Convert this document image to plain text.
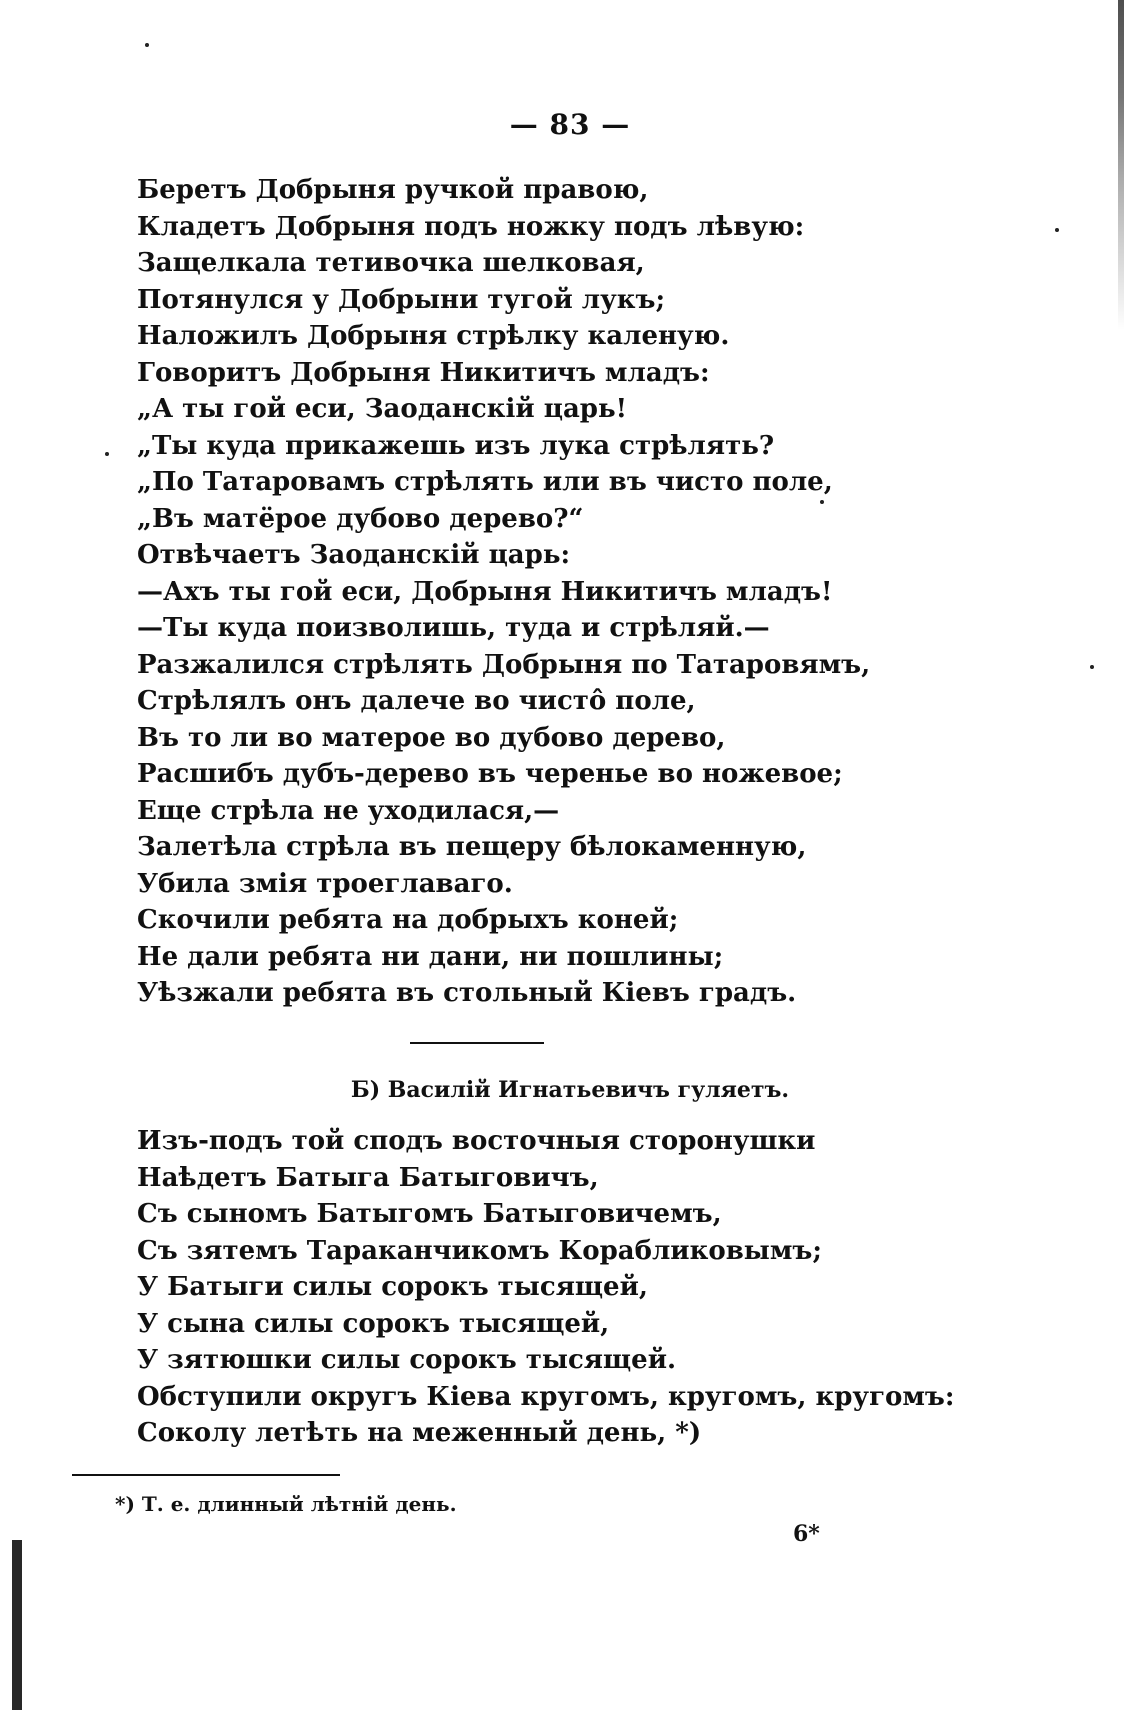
— 83 —
Беретъ Добрыня ручкой правою,
Кладетъ Добрыня подъ ножку подъ лѣвую:
Защелкала тетивочка шелковая,
Потянулся у Добрыни тугой лукъ;
Наложилъ Добрыня стрѣлку каленую.
Говоритъ Добрыня Никитичъ младъ:
„А ты гой еси, Заоданскій царь!
„Ты куда прикажешь изъ лука стрѣлять?
„По Татаровамъ стрѣлять или въ чисто поле,
„Въ матёрое дубово дерево?“
Отвѣчаетъ Заоданскій царь:
—Ахъ ты гой еси, Добрыня Никитичъ младъ!
—Ты куда поизволишь, туда и стрѣляй.—
Разжалился стрѣлять Добрыня по Татаровямъ,
Стрѣлялъ онъ далече во чистô поле,
Въ то ли во матерое во дубово дерево,
Расшибъ дубъ-дерево въ черенье во ножевое;
Еще стрѣла не уходилася,—
Залетѣла стрѣла въ пещеру бѣлокаменную,
Убила змія троеглаваго.
Скочили ребята на добрыхъ коней;
Не дали ребята ни дани, ни пошлины;
Уѣзжали ребята въ стольный Кіевъ градъ.
Б) Василій Игнатьевичъ гуляетъ.
Изъ-подъ той сподъ восточныя сторонушки
Наѣдетъ Батыга Батыговичъ,
Съ сыномъ Батыгомъ Батыговичемъ,
Съ зятемъ Тараканчикомъ Корабликовымъ;
У Батыги силы сорокъ тысящей,
У сына силы сорокъ тысящей,
У зятюшки силы сорокъ тысящей.
Обступили округъ Кіева кругомъ, кругомъ, кругомъ:
Соколу летѣть на меженный день, *)
*) Т. е. длинный лѣтній день.
6*
